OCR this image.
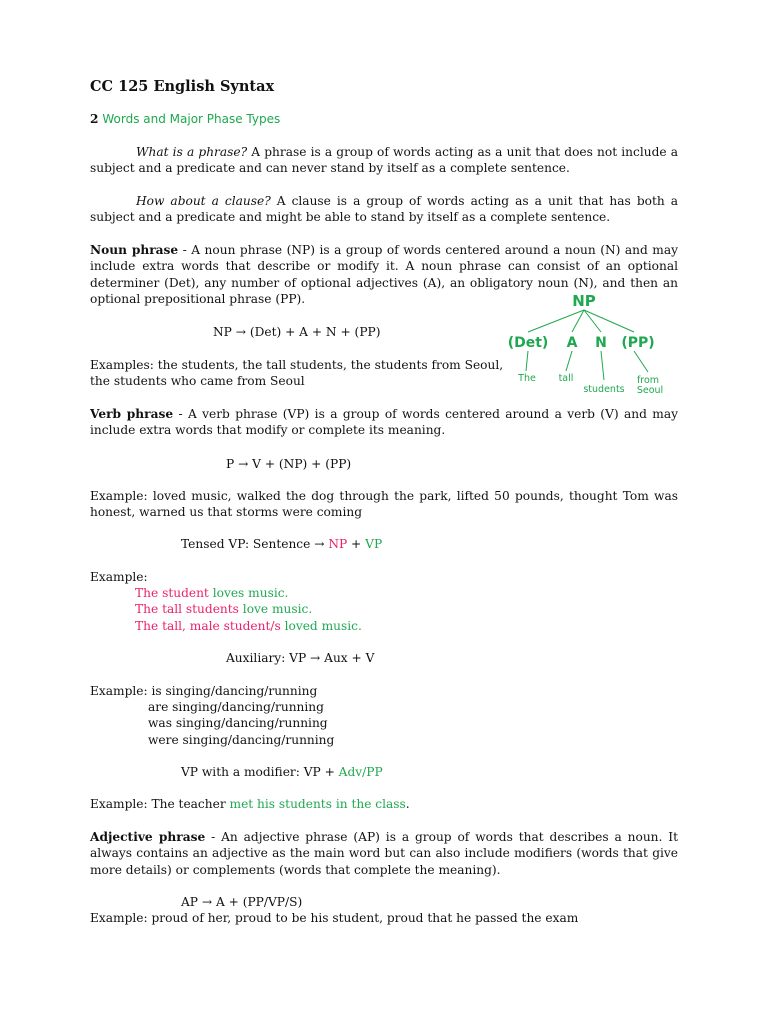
CC 125 English Syntax
2 Words and Major Phase Types
What is a phrase? A phrase is a group of words acting as a unit that does not include a subject and a predicate and can never stand by itself as a complete sentence.
How about a clause? A clause is a group of words acting as a unit that has both a subject and a predicate and might be able to stand by itself as a complete sentence.
Noun phrase - A noun phrase (NP) is a group of words centered around a noun (N) and may include extra words that describe or modify it. A noun phrase can consist of an optional determiner (Det), any number of optional adjectives (A), an obligatory noun (N), and then an optional prepositional phrase (PP).
NP → (Det) + A + N + (PP)
Examples: the students, the tall students, the students from Seoul,
the students who came from Seoul
NP
(Det) A N (PP)
The tall
students
from
Seoul
Verb phrase - A verb phrase (VP) is a group of words centered around a verb (V) and may include extra words that modify or complete its meaning.
P → V + (NP) + (PP)
Example: loved music, walked the dog through the park, lifted 50 pounds, thought Tom was honest, warned us that storms were coming
Tensed VP: Sentence → NP + VP
Example:
The student loves music.
The tall students love music.
The tall, male student/s loved music.
Auxiliary: VP → Aux + V
Example: is singing/dancing/running
are singing/dancing/running
was singing/dancing/running
were singing/dancing/running
VP with a modifier: VP + Adv/PP
Example: The teacher met his students in the class.
Adjective phrase - An adjective phrase (AP) is a group of words that describes a noun. It always contains an adjective as the main word but can also include modifiers (words that give more details) or complements (words that complete the meaning).
AP → A + (PP/VP/S)
Example: proud of her, proud to be his student, proud that he passed the exam
